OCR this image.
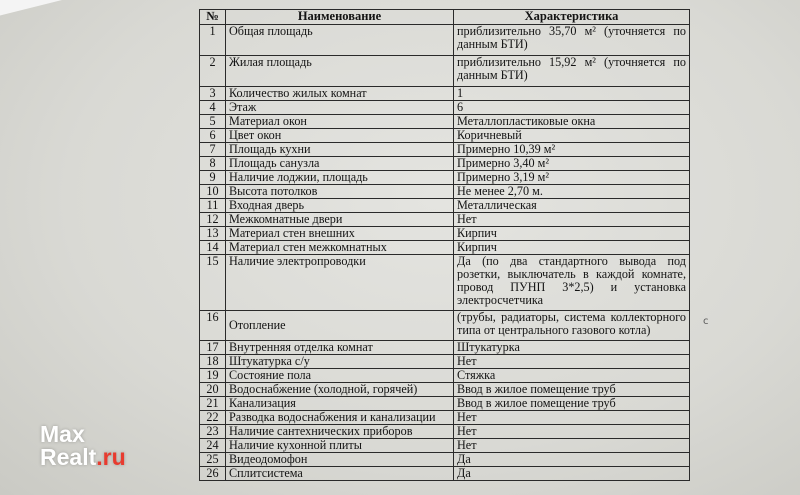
№	Наименование	Характеристика
1	Общая площадь	приблизительно 35,70 м² (уточняется по данным БТИ)
2	Жилая площадь	приблизительно 15,92 м² (уточняется по данным БТИ)
3	Количество жилых комнат	1
4	Этаж	6
5	Материал окон	Металлопластиковые окна
6	Цвет окон	Коричневый
7	Площадь кухни	Примерно 10,39 м²
8	Площадь санузла	Примерно 3,40 м²
9	Наличие лоджии, площадь	Примерно 3,19 м²
10	Высота потолков	Не менее 2,70 м.
11	Входная дверь	Металлическая
12	Межкомнатные двери	Нет
13	Материал стен внешних	Кирпич
14	Материал стен межкомнатных	Кирпич
15	Наличие электропроводки	Да (по два стандартного вывода под розетки, выключатель в каждой комнате, провод ПУНП 3*2,5) и установка электросчетчика
16	Отопление	(трубы, радиаторы, система коллекторного типа от центрального газового котла)
17	Внутренняя отделка комнат	Штукатурка
18	Штукатурка с/у	Нет
19	Состояние пола	Стяжка
20	Водоснабжение (холодной, горячей)	Ввод в жилое помещение труб
21	Канализация	Ввод в жилое помещение труб
22	Разводка водоснабжения и канализации	Нет
23	Наличие сантехнических приборов	Нет
24	Наличие кухонной плиты	Нет
25	Видеодомофон	Да
26	Сплитсистема	Да
с
Max
Realt.ru
